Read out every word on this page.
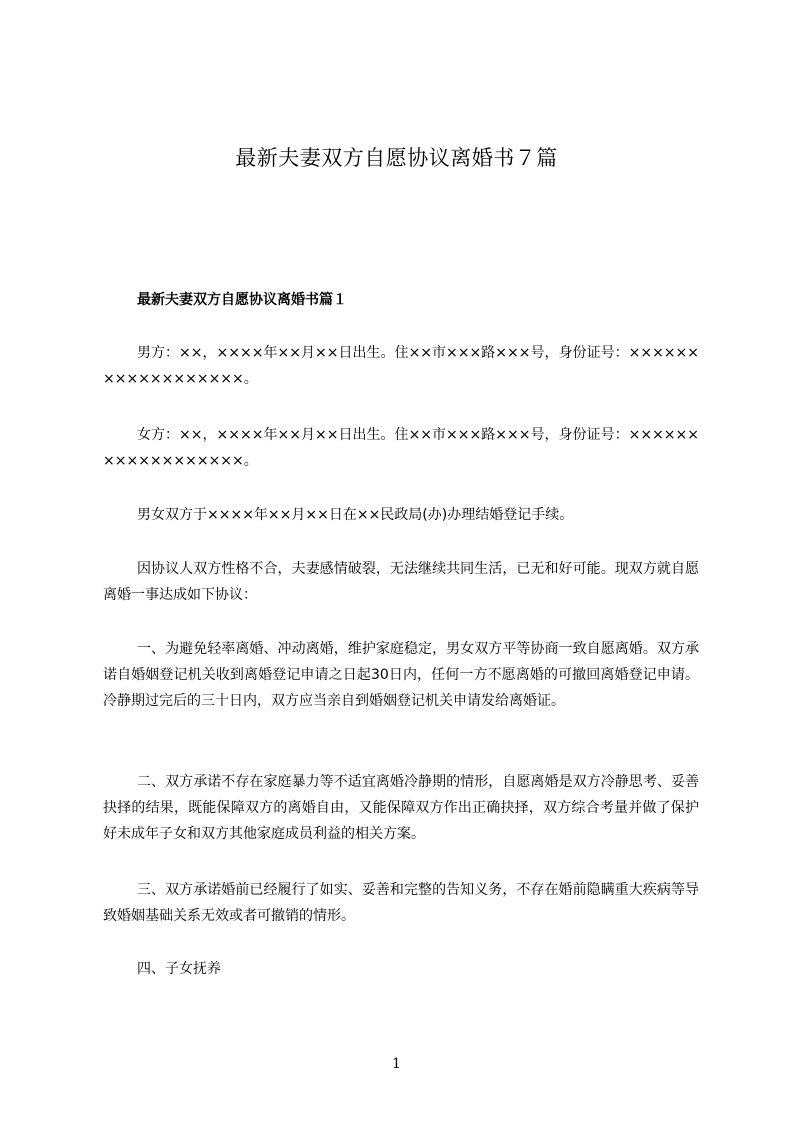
最新夫妻双方自愿协议离婚书７篇
最新夫妻双方自愿协议离婚书篇１

男方：××，××××年××月××日出生。住××市×××路×××号，身份证号：××××××××××××××××××。

女方：××，××××年××月××日出生。住××市×××路×××号，身份证号：××××××××××××××××××。

男女双方于××××年××月××日在××民政局(办)办理结婚登记手续。

因协议人双方性格不合，夫妻感情破裂，无法继续共同生活，已无和好可能。现双方就自愿离婚一事达成如下协议：

一、为避免轻率离婚、冲动离婚，维护家庭稳定，男女双方平等协商一致自愿离婚。双方承诺自婚姻登记机关收到离婚登记申请之日起30日内，任何一方不愿离婚的可撤回离婚登记申请。冷静期过完后的三十日内，双方应当亲自到婚姻登记机关申请发给离婚证。

二、双方承诺不存在家庭暴力等不适宜离婚冷静期的情形，自愿离婚是双方冷静思考、妥善抉择的结果，既能保障双方的离婚自由，又能保障双方作出正确抉择，双方综合考量并做了保护好未成年子女和双方其他家庭成员利益的相关方案。

三、双方承诺婚前已经履行了如实、妥善和完整的告知义务，不存在婚前隐瞒重大疾病等导致婚姻基础关系无效或者可撤销的情形。

四、子女抚养

1
